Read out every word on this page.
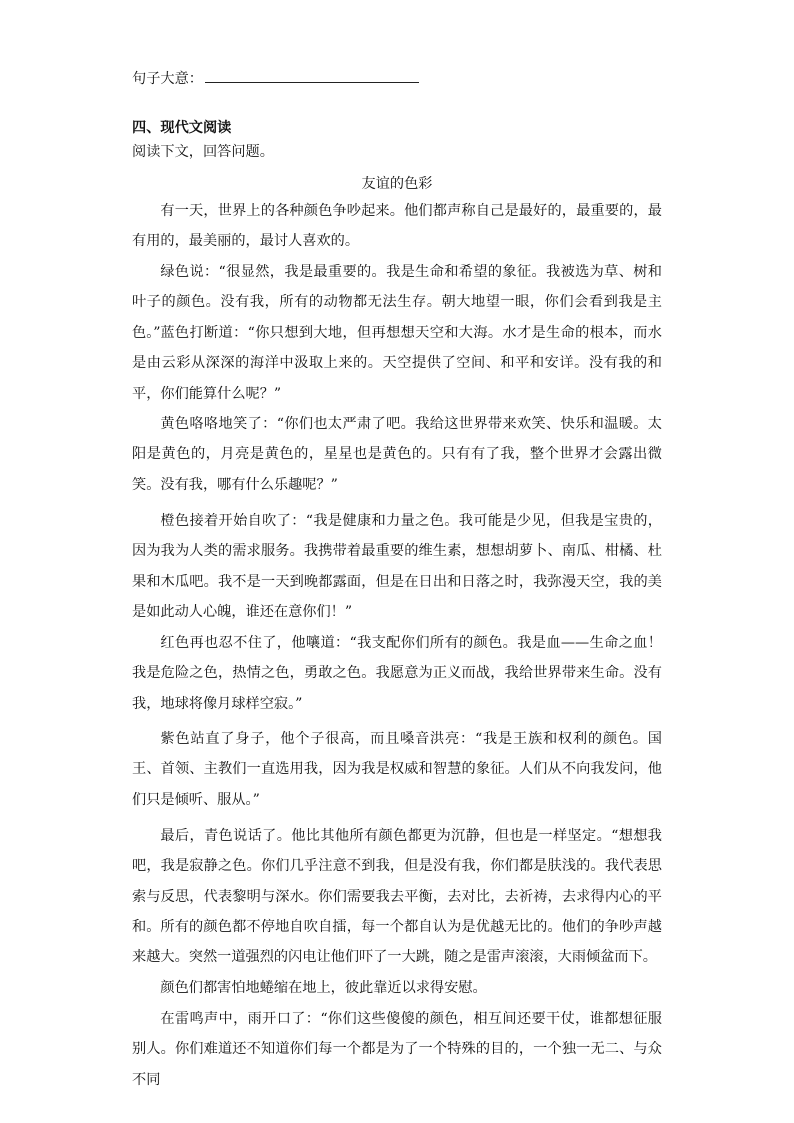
句子大意：
四、现代文阅读
阅读下文，回答问题。
友谊的色彩
有一天，世界上的各种颜色争吵起来。他们都声称自己是最好的，最重要的，最有用的，最美丽的，最讨人喜欢的。
绿色说：“很显然，我是最重要的。我是生命和希望的象征。我被选为草、树和叶子的颜色。没有我，所有的动物都无法生存。朝大地望一眼，你们会看到我是主色。” 蓝色打断道：“你只想到大地，但再想想天空和大海。水才是生命的根本，而水是由云彩从深深的海洋中汲取上来的。天空提供了空间、和平和安详。没有我的和平，你们能算什么呢？”
黄色咯咯地笑了：“你们也太严肃了吧。我给这世界带来欢笑、快乐和温暖。太阳是黄色的，月亮是黄色的，星星也是黄色的。只有有了我，整个世界才会露出微笑。没有我，哪有什么乐趣呢？”
橙色接着开始自吹了：“我是健康和力量之色。我可能是少见，但我是宝贵的，因为我为人类的需求服务。我携带着最重要的维生素，想想胡萝卜、南瓜、柑橘、杜果和木瓜吧。我不是一天到晚都露面，但是在日出和日落之时，我弥漫天空，我的美是如此动人心魄，谁还在意你们！”
红色再也忍不住了，他嚷道：“我支配你们所有的颜色。我是血——生命之血！我是危险之色，热情之色，勇敢之色。我愿意为正义而战，我给世界带来生命。没有我，地球将像月球样空寂。”
紫色站直了身子，他个子很高，而且嗓音洪亮：“我是王族和权利的颜色。国王、首领、主教们一直选用我，因为我是权威和智慧的象征。人们从不向我发问，他们只是倾听、服从。”
最后，青色说话了。他比其他所有颜色都更为沉静，但也是一样坚定。“想想我吧，我是寂静之色。你们几乎注意不到我，但是没有我，你们都是肤浅的。我代表思索与反思，代表黎明与深水。你们需要我去平衡，去对比，去祈祷，去求得内心的平和。 所有的颜色都不停地自吹自擂，每一个都自认为是优越无比的。他们的争吵声越来越大。突然一道强烈的闪电让他们吓了一大跳，随之是雷声滚滚，大雨倾盆而下。
颜色们都害怕地蜷缩在地上，彼此靠近以求得安慰。
在雷鸣声中，雨开口了：“你们这些傻傻的颜色，相互间还要干仗，谁都想征服别人。你们难道还不知道你们每一个都是为了一个特殊的目的，一个独一无二、与众不同
